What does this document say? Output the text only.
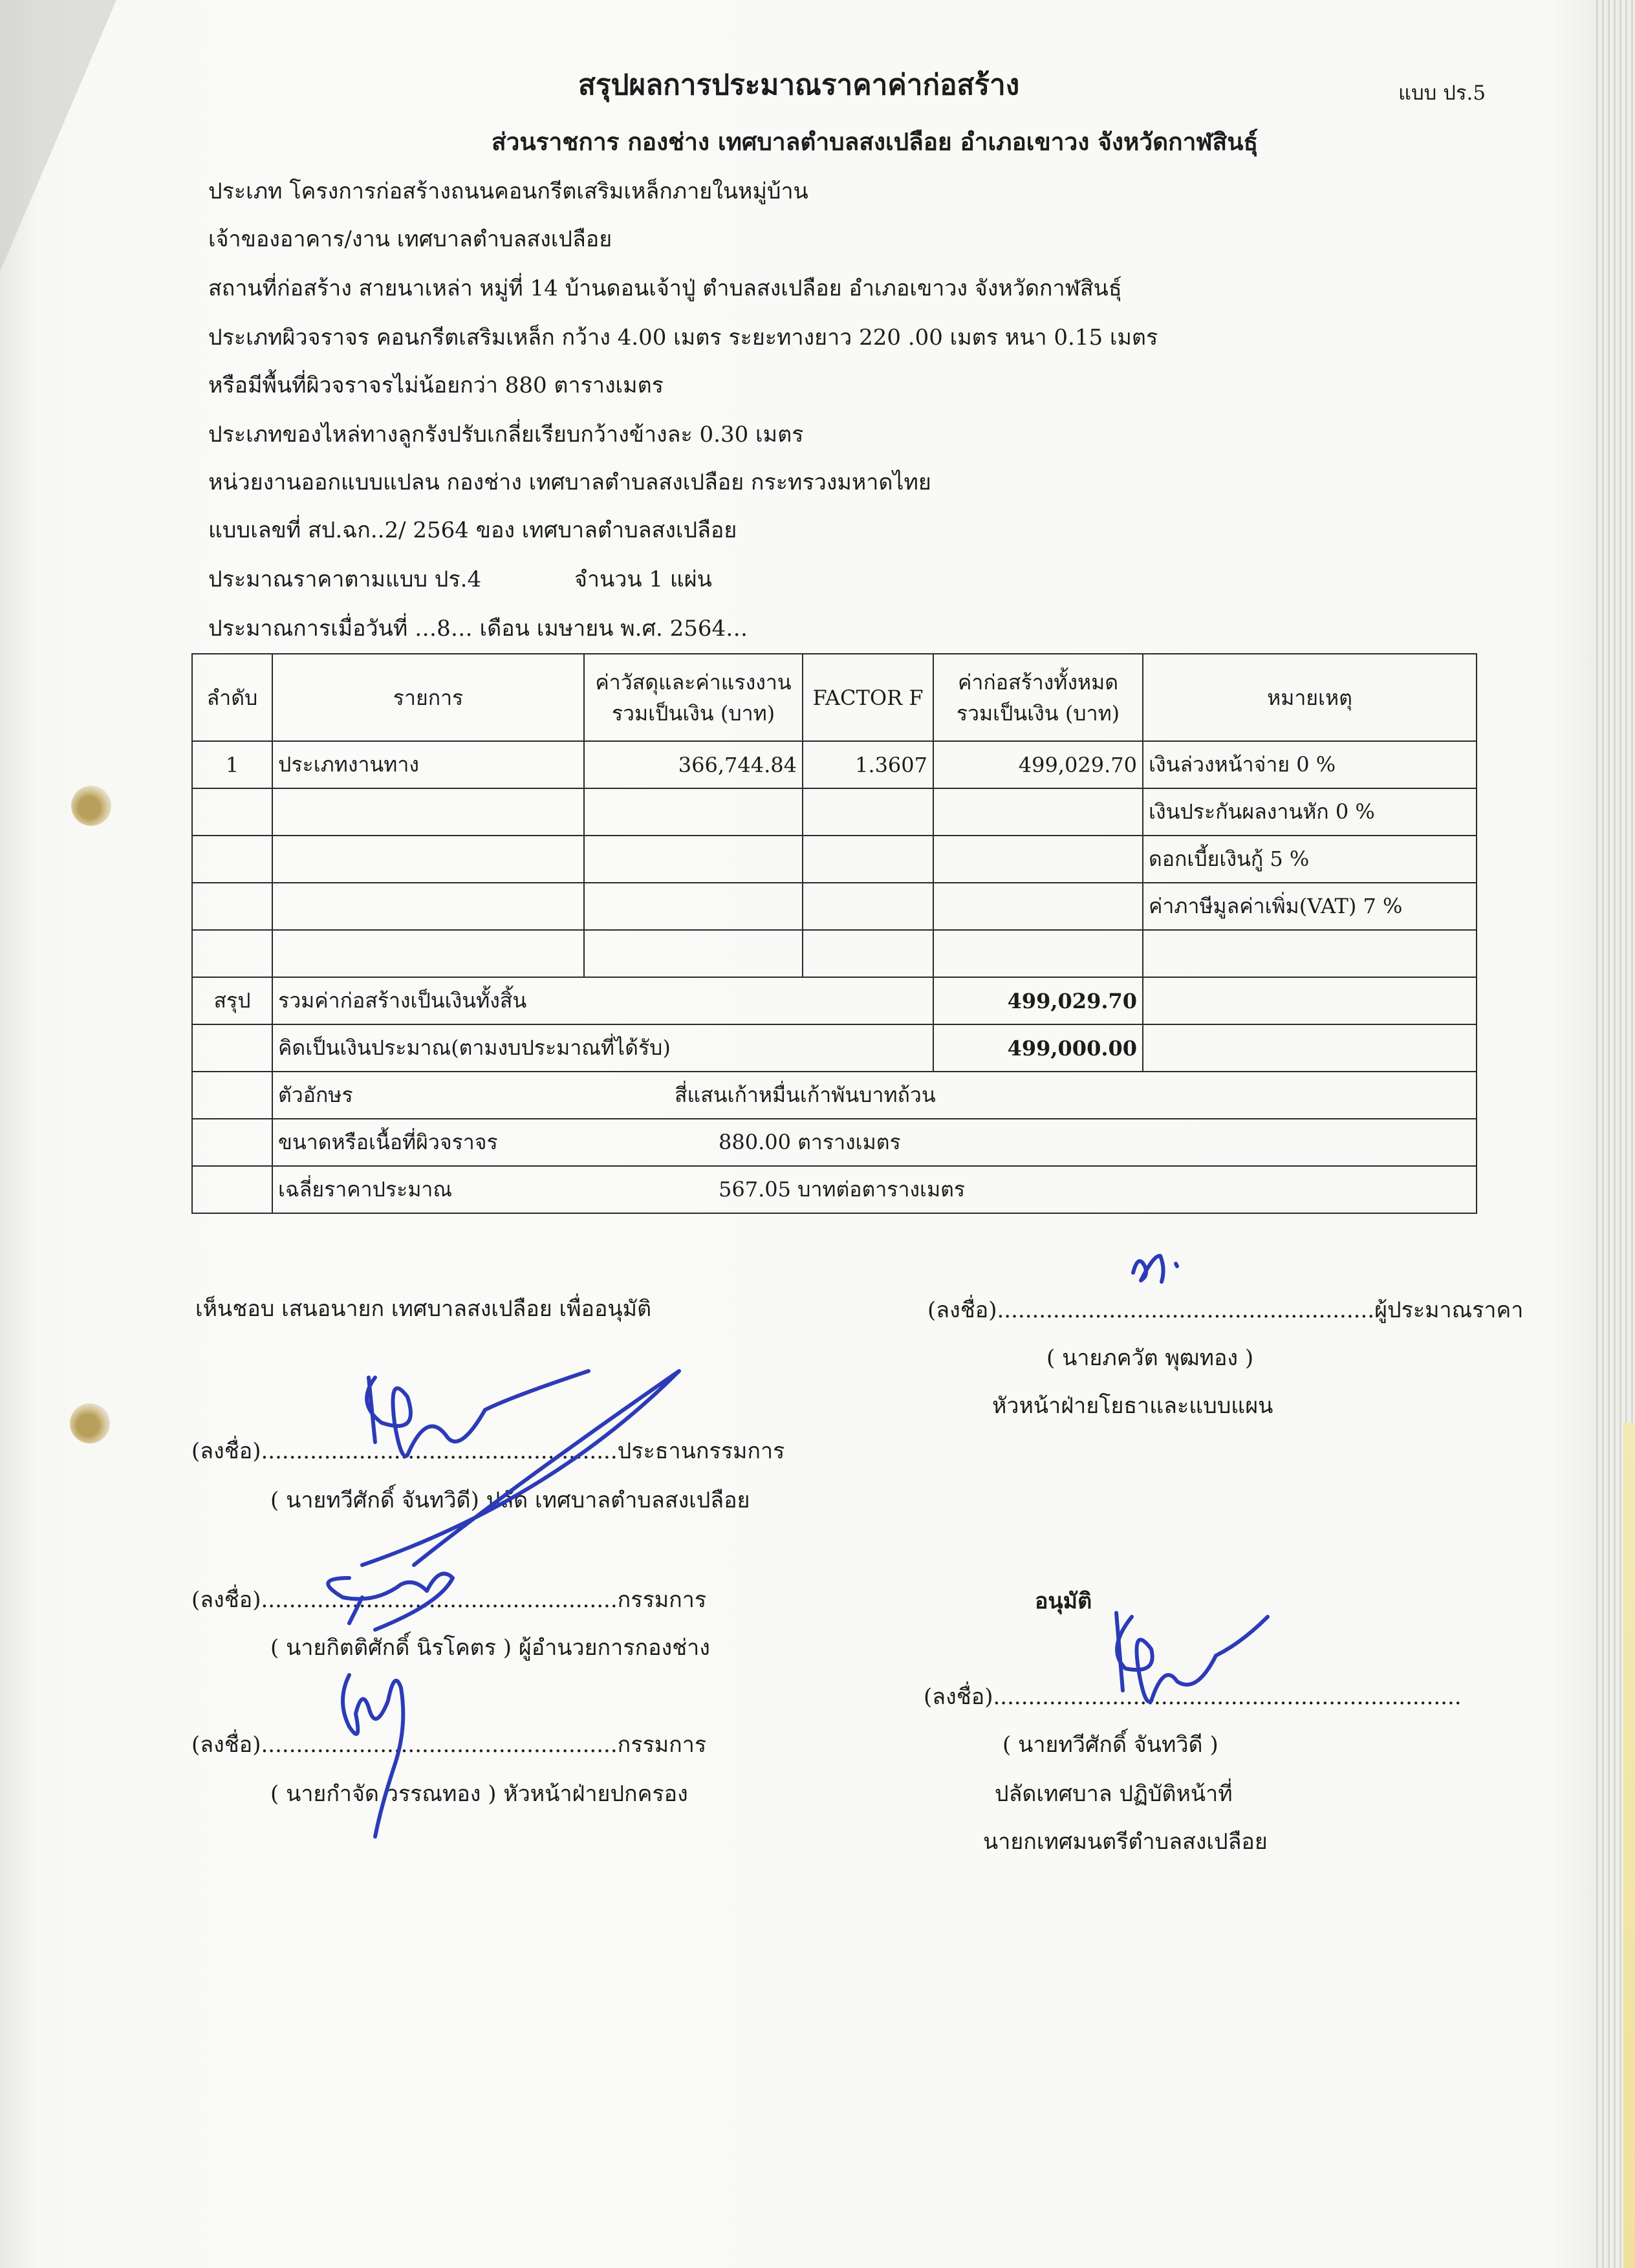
สรุปผลการประมาณราคาค่าก่อสร้าง	แบบ ปร.5
ส่วนราชการ กองช่าง เทศบาลตำบลสงเปลือย อำเภอเขาวง จังหวัดกาฬสินธุ์
ประเภท โครงการก่อสร้างถนนคอนกรีตเสริมเหล็กภายในหมู่บ้าน
เจ้าของอาคาร/งาน เทศบาลตำบลสงเปลือย
สถานที่ก่อสร้าง สายนาเหล่า หมู่ที่ 14 บ้านดอนเจ้าปู่ ตำบลสงเปลือย อำเภอเขาวง จังหวัดกาฬสินธุ์
ประเภทผิวจราจร คอนกรีตเสริมเหล็ก กว้าง 4.00 เมตร ระยะทางยาว 220 .00 เมตร หนา 0.15 เมตร
หรือมีพื้นที่ผิวจราจรไม่น้อยกว่า 880 ตารางเมตร
ประเภทของไหล่ทางลูกรังปรับเกลี่ยเรียบกว้างข้างละ 0.30 เมตร
หน่วยงานออกแบบแปลน กองช่าง เทศบาลตำบลสงเปลือย กระทรวงมหาดไทย
แบบเลขที่ สป.ฉก..2/ 2564 ของ เทศบาลตำบลสงเปลือย
ประมาณราคาตามแบบ ปร.4	จำนวน 1 แผ่น
ประมาณการเมื่อวันที่ …8… เดือน เมษายน พ.ศ. 2564…
ลำดับ	รายการ	ค่าวัสดุและค่าแรงงาน รวมเป็นเงิน (บาท)	FACTOR F	ค่าก่อสร้างทั้งหมด รวมเป็นเงิน (บาท)	หมายเหตุ
1	ประเภทงานทาง	366,744.84	1.3607	499,029.70	เงินล่วงหน้าจ่าย 0 %
					เงินประกันผลงานหัก 0 %
					ดอกเบี้ยเงินกู้ 5 %
					ค่าภาษีมูลค่าเพิ่ม(VAT) 7 %

สรุป	รวมค่าก่อสร้างเป็นเงินทั้งสิ้น			499,029.70	
	คิดเป็นเงินประมาณ(ตามงบประมาณที่ได้รับ)			499,000.00	
	ตัวอักษร	สี่แสนเก้าหมื่นเก้าพันบาทถ้วน			
	ขนาดหรือเนื้อที่ผิวจราจร	880.00 ตารางเมตร			
	เฉลี่ยราคาประมาณ	567.05 บาทต่อตารางเมตร			
เห็นชอบ เสนอนายก เทศบาลสงเปลือย เพื่ออนุมัติ	(ลงชื่อ)......................................................ผู้ประมาณราคา
( นายภควัต พุฒทอง )
หัวหน้าฝ่ายโยธาและแบบแผน
(ลงชื่อ)...................................................ประธานกรรมการ
( นายทวีศักดิ์ จันทวิดี) ปลัด เทศบาลตำบลสงเปลือย
(ลงชื่อ)...................................................กรรมการ
( นายกิตติศักดิ์ นิรโคตร ) ผู้อำนวยการกองช่าง
(ลงชื่อ)...................................................กรรมการ
( นายกำจัด วรรณทอง ) หัวหน้าฝ่ายปกครอง
อนุมัติ
(ลงชื่อ)...................................................................
( นายทวีศักดิ์ จันทวิดี )
ปลัดเทศบาล ปฏิบัติหน้าที่
นายกเทศมนตรีตำบลสงเปลือย
